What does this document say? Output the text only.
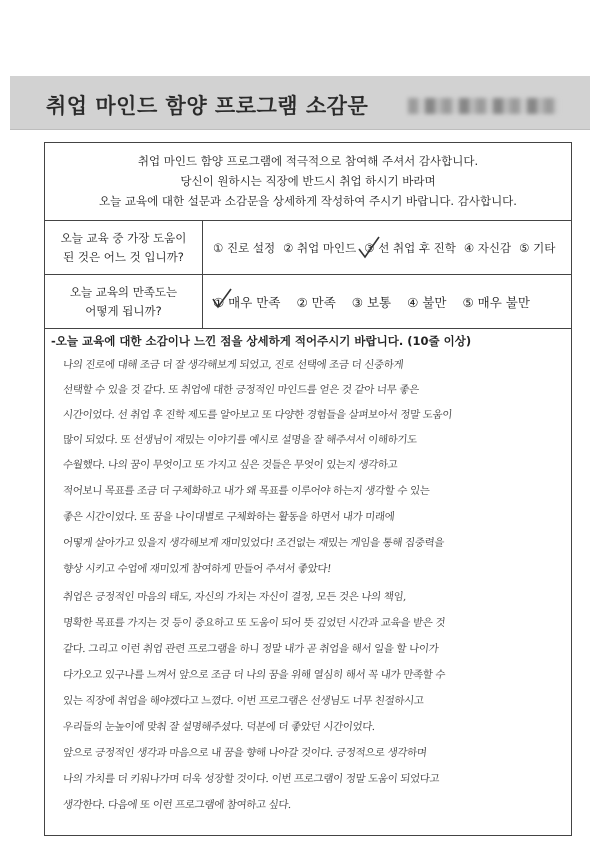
취업 마인드 함양 프로그램 소감문
취업 마인드 함양 프로그램에 적극적으로 참여해 주셔서 감사합니다.
당신이 원하시는 직장에 반드시 취업 하시기 바라며
오늘 교육에 대한 설문과 소감문을 상세하게 작성하여 주시기 바랍니다. 감사합니다.
오늘 교육 중 가장 도움이
된 것은 어느 것 입니까?
① 진로 설정 ② 취업 마인드 ③ 선 취업 후 진학 ④ 자신감 ⑤ 기타
오늘 교육의 만족도는
어떻게 됩니까?
① 매우 만족 ② 만족 ③ 보통 ④ 불만 ⑤ 매우 불만
-오늘 교육에 대한 소감이나 느낀 점을 상세하게 적어주시기 바랍니다. (10줄 이상)
나의 진로에 대해 조금 더 잘 생각해보게 되었고, 진로 선택에 조금 더 신중하게
선택할 수 있을 것 같다. 또 취업에 대한 긍정적인 마인드를 얻은 것 같아 너무 좋은
시간이었다. 선 취업 후 진학 제도를 알아보고 또 다양한 경험들을 살펴보아서 정말 도움이
많이 되었다. 또 선생님이 재밌는 이야기를 예시로 설명을 잘 해주셔서 이해하기도
수월했다. 나의 꿈이 무엇이고 또 가지고 싶은 것들은 무엇이 있는지 생각하고
적어보니 목표를 조금 더 구체화하고 내가 왜 목표를 이루어야 하는지 생각할 수 있는
좋은 시간이었다. 또 꿈을 나이대별로 구체화하는 활동을 하면서 내가 미래에
어떻게 살아가고 있을지 생각해보게 재미있었다! 조건없는 재밌는 게임을 통해 집중력을
향상 시키고 수업에 재미있게 참여하게 만들어 주셔서 좋았다!
취업은 긍정적인 마음의 태도, 자신의 가치는 자신이 결정, 모든 것은 나의 책임,
명확한 목표를 가지는 것 등이 중요하고 또 도움이 되어 뜻 깊었던 시간과 교육을 받은 것
같다. 그리고 이런 취업 관련 프로그램을 하니 정말 내가 곧 취업을 해서 일을 할 나이가
다가오고 있구나를 느껴서 앞으로 조금 더 나의 꿈을 위해 열심히 해서 꼭 내가 만족할 수
있는 직장에 취업을 해야겠다고 느꼈다. 이번 프로그램은 선생님도 너무 친절하시고
우리들의 눈높이에 맞춰 잘 설명해주셨다. 덕분에 더 좋았던 시간이었다.
앞으로 긍정적인 생각과 마음으로 내 꿈을 향해 나아갈 것이다. 긍정적으로 생각하며
나의 가치를 더 키워나가며 더욱 성장할 것이다. 이번 프로그램이 정말 도움이 되었다고
생각한다. 다음에 또 이런 프로그램에 참여하고 싶다.
